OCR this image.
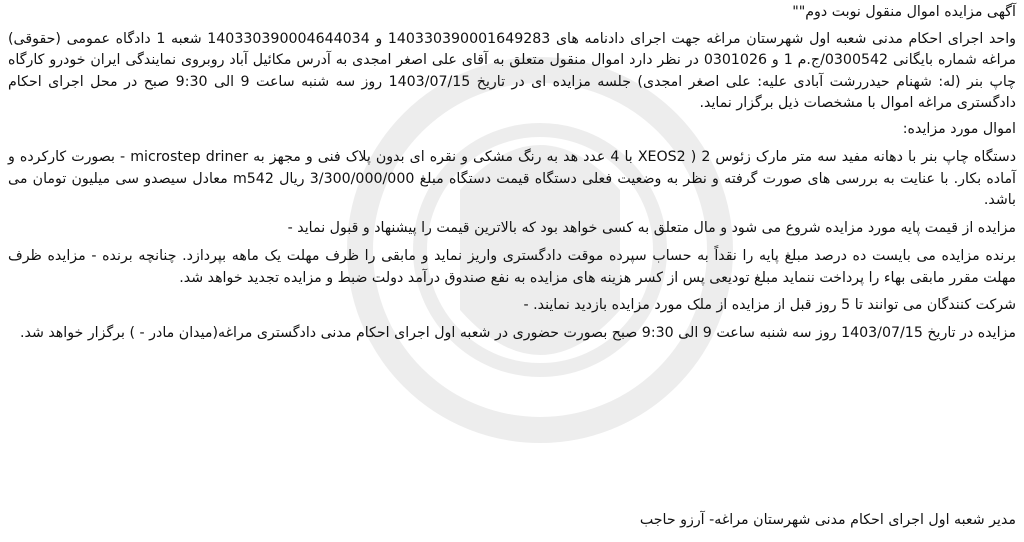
آگهی مزایده اموال منقول نوبت دوم""

واحد اجرای احکام مدنی شعبه اول شهرستان مراغه جهت اجرای دادنامه های 140330390001649283 و 140330390004644034 شعبه 1 دادگاه عمومی (حقوقی) مراغه شماره بایگانی 0300542/ج.م 1 و 0301026 در نظر دارد اموال منقول متعلق به آقای علی اصغر امجدی به آدرس مکائیل آباد روبروی نمایندگی ایران خودرو کارگاه چاپ بنر (له: شهنام حیدررشت آبادی علیه: علی اصغر امجدی) جلسه مزایده ای در تاریخ 1403/07/15 روز سه شنبه ساعت 9 الی 9:30 صبح در محل اجرای احکام دادگستری مراغه اموال با مشخصات ذیل برگزار نماید.

اموال مورد مزایده:

دستگاه چاپ بنر با دهانه مفید سه متر مارک زئوس 2 ( XEOS2 با 4 عدد هد به رنگ مشکی و نقره ای بدون پلاک فنی و مجهز به microstep driner - بصورت کارکرده و آماده بکار. با عنایت به بررسی های صورت گرفته و نظر به وضعیت فعلی دستگاه قیمت دستگاه مبلغ 3/300/000/000 ریال m542 معادل سیصدو سی میلیون تومان می باشد.

مزایده از قیمت پایه مورد مزایده شروع می شود و مال متعلق به کسی خواهد بود که بالاترین قیمت را پیشنهاد و قبول نماید -

برنده مزایده می بایست ده درصد مبلغ پایه را نقداً به حساب سپرده موقت دادگستری واریز نماید و مابقی را ظرف مهلت یک ماهه بپردازد. چنانچه برنده - مزایده ظرف مهلت مقرر مابقی بهاء را پرداخت ننماید مبلغ تودیعی پس از کسر هزینه های مزایده به نفع صندوق درآمد دولت ضبط و مزایده تجدید خواهد شد.

شرکت کنندگان می توانند تا 5 روز قبل از مزایده از ملک مورد مزایده بازدید نمایند. -

مزایده در تاریخ 1403/07/15 روز سه شنبه ساعت 9 الی 9:30 صبح بصورت حضوری در شعبه اول اجرای احکام مدنی دادگستری مراغه(میدان مادر - ) برگزار خواهد شد.

مدیر شعبه اول اجرای احکام مدنی شهرستان مراغه- آرزو حاجب
